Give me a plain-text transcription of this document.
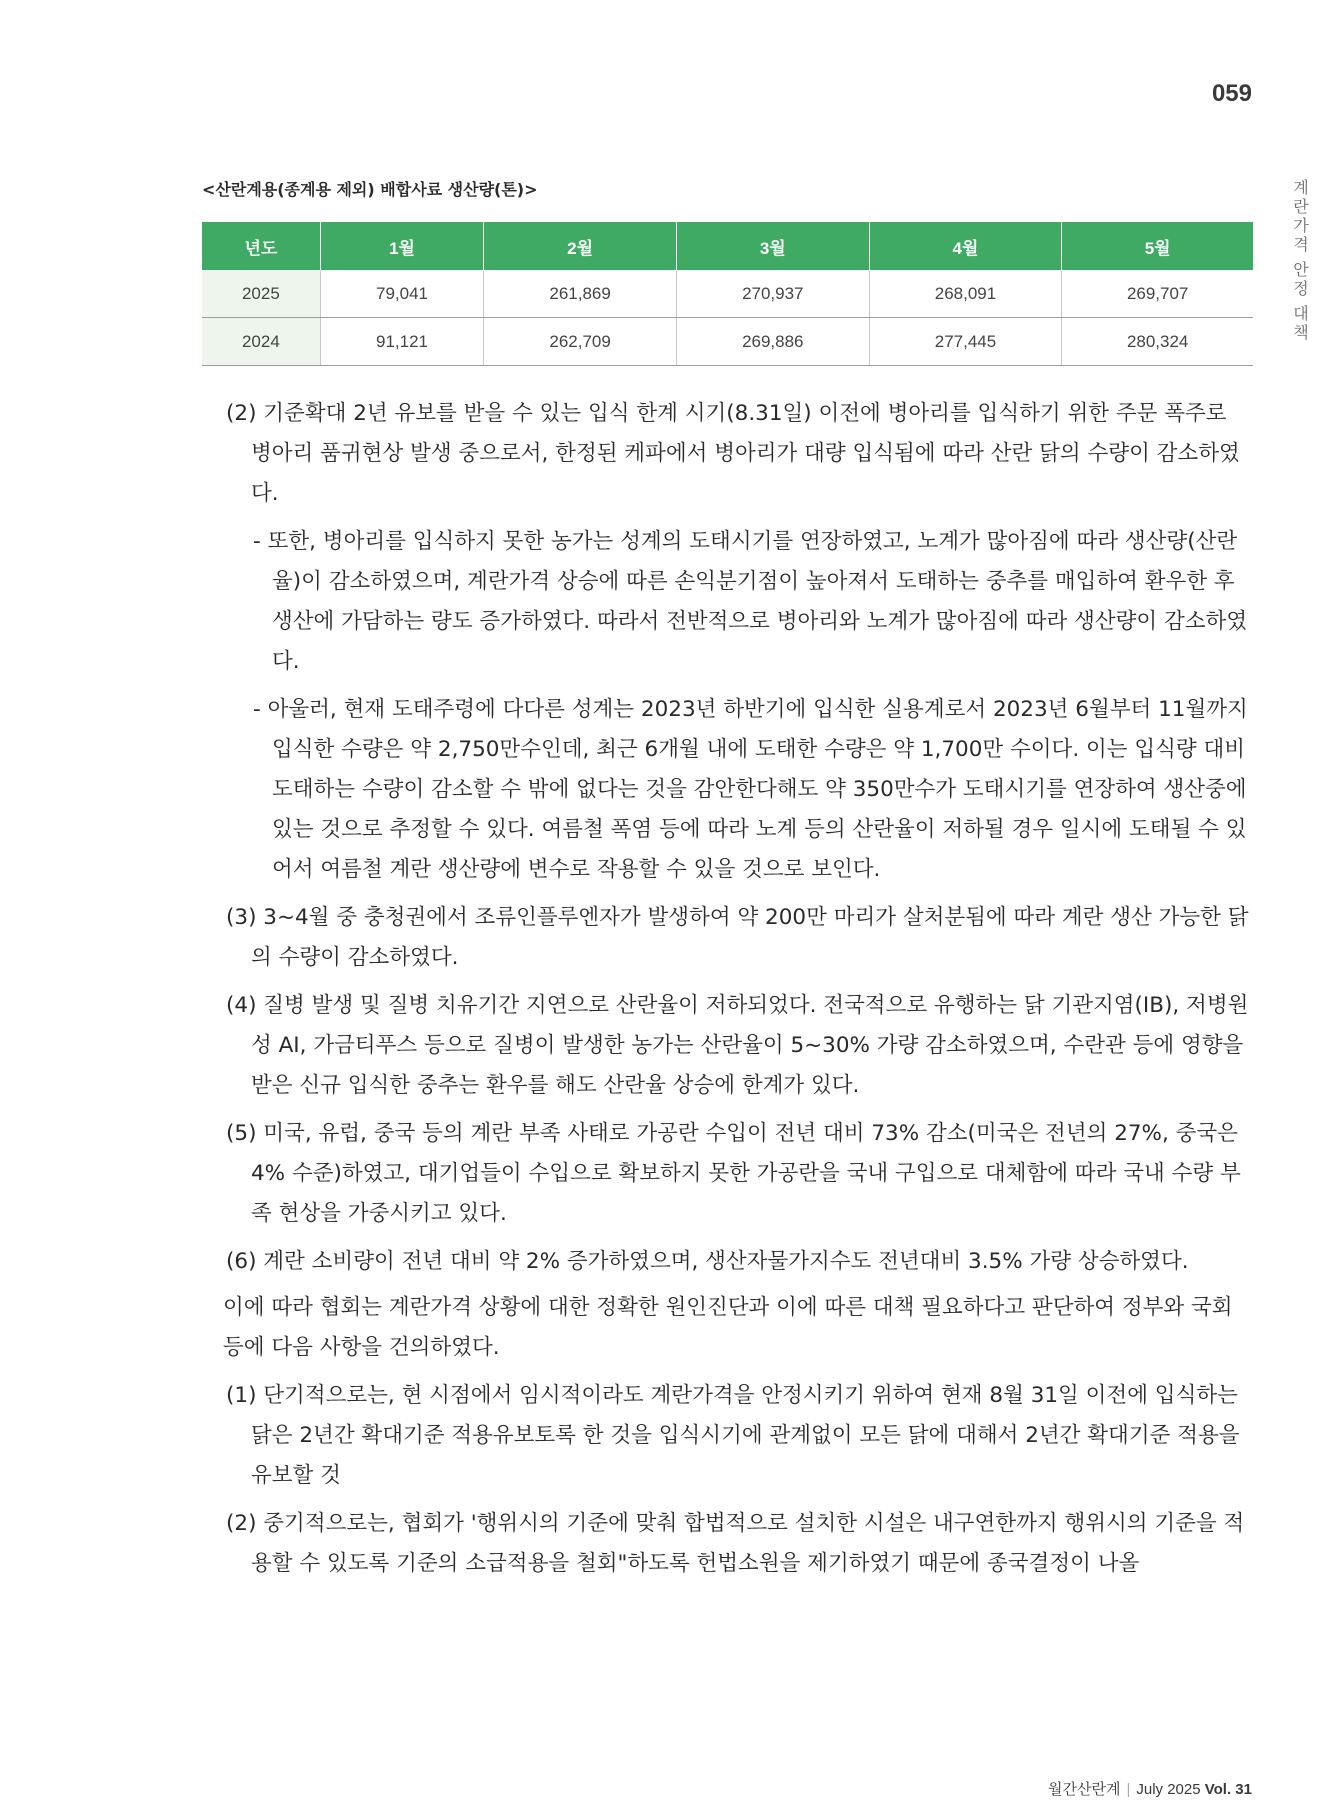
059
계
란
가
격
안
정
대
책
<산란계용(종계용 제외) 배합사료 생산량(톤)>
년도	1월	2월	3월	4월	5월
2025	79,041	261,869	270,937	268,091	269,707
2024	91,121	262,709	269,886	277,445	280,324

(2) 기준확대 2년 유보를 받을 수 있는 입식 한계 시기(8.31일) 이전에 병아리를 입식하기 위한 주문 폭주로 병아리 품귀현상 발생 중으로서, 한정된 케파에서 병아리가 대량 입식됨에 따라 산란 닭의 수량이 감소하였다.

- 또한, 병아리를 입식하지 못한 농가는 성계의 도태시기를 연장하였고, 노계가 많아짐에 따라 생산량(산란율)이 감소하였으며, 계란가격 상승에 따른 손익분기점이 높아져서 도태하는 중추를 매입하여 환우한 후 생산에 가담하는 량도 증가하였다. 따라서 전반적으로 병아리와 노계가 많아짐에 따라 생산량이 감소하였다.

- 아울러, 현재 도태주령에 다다른 성계는 2023년 하반기에 입식한 실용계로서 2023년 6월부터 11월까지 입식한 수량은 약 2,750만수인데, 최근 6개월 내에 도태한 수량은 약 1,700만 수이다. 이는 입식량 대비 도태하는 수량이 감소할 수 밖에 없다는 것을 감안한다해도 약 350만수가 도태시기를 연장하여 생산중에 있는 것으로 추정할 수 있다. 여름철 폭염 등에 따라 노계 등의 산란율이 저하될 경우 일시에 도태될 수 있어서 여름철 계란 생산량에 변수로 작용할 수 있을 것으로 보인다.

(3) 3~4월 중 충청권에서 조류인플루엔자가 발생하여 약 200만 마리가 살처분됨에 따라 계란 생산 가능한 닭의 수량이 감소하였다.

(4) 질병 발생 및 질병 치유기간 지연으로 산란율이 저하되었다. 전국적으로 유행하는 닭 기관지염(IB), 저병원성 AI, 가금티푸스 등으로 질병이 발생한 농가는 산란율이 5~30% 가량 감소하였으며, 수란관 등에 영향을 받은 신규 입식한 중추는 환우를 해도 산란율 상승에 한계가 있다.

(5) 미국, 유럽, 중국 등의 계란 부족 사태로 가공란 수입이 전년 대비 73% 감소(미국은 전년의 27%, 중국은 4% 수준)하였고, 대기업들이 수입으로 확보하지 못한 가공란을 국내 구입으로 대체함에 따라 국내 수량 부족 현상을 가중시키고 있다.

(6) 계란 소비량이 전년 대비 약 2% 증가하였으며, 생산자물가지수도 전년대비 3.5% 가량 상승하였다.

이에 따라 협회는 계란가격 상황에 대한 정확한 원인진단과 이에 따른 대책 필요하다고 판단하여 정부와 국회 등에 다음 사항을 건의하였다.

(1) 단기적으로는, 현 시점에서 임시적이라도 계란가격을 안정시키기 위하여 현재 8월 31일 이전에 입식하는 닭은 2년간 확대기준 적용유보토록 한 것을 입식시기에 관계없이 모든 닭에 대해서 2년간 확대기준 적용을 유보할 것

(2) 중기적으로는, 협회가 '행위시의 기준에 맞춰 합법적으로 설치한 시설은 내구연한까지 행위시의 기준을 적용할 수 있도록 기준의 소급적용을 철회"하도록 헌법소원을 제기하였기 때문에 종국결정이 나올

월간산란계 | July 2025 Vol. 31
